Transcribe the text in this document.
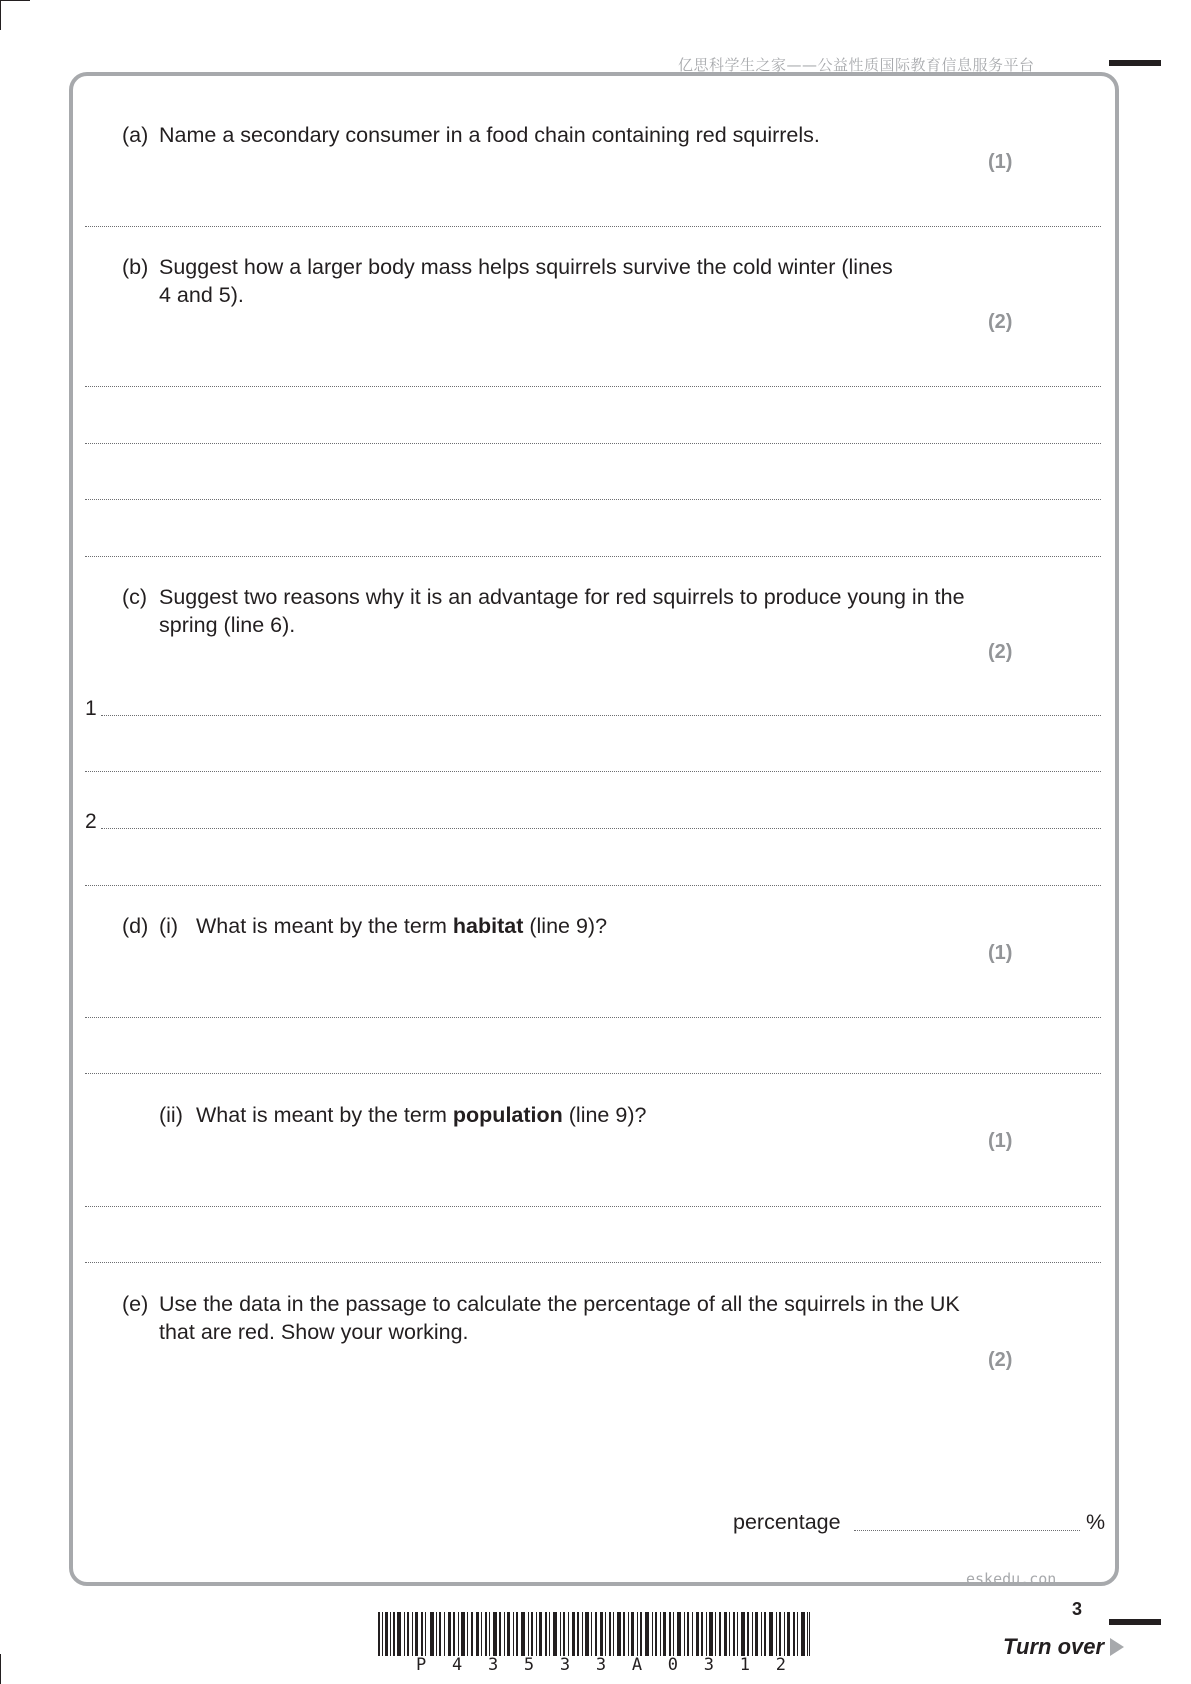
亿思科学生之家——公益性质国际教育信息服务平台
(a) Name a secondary consumer in a food chain containing red squirrels.
(1)
(b) Suggest how a larger body mass helps squirrels survive the cold winter (lines 4 and 5).
(2)
(c) Suggest two reasons why it is an advantage for red squirrels to produce young in the spring (line 6).
(2)
1
2
(d) (i) What is meant by the term habitat (line 9)?
(1)
(ii) What is meant by the term population (line 9)?
(1)
(e) Use the data in the passage to calculate the percentage of all the squirrels in the UK that are red. Show your working.
(2)
percentage	%
eskedu.con
P 4 3 5 3 3 A 0 3 1 2
3
Turn over
